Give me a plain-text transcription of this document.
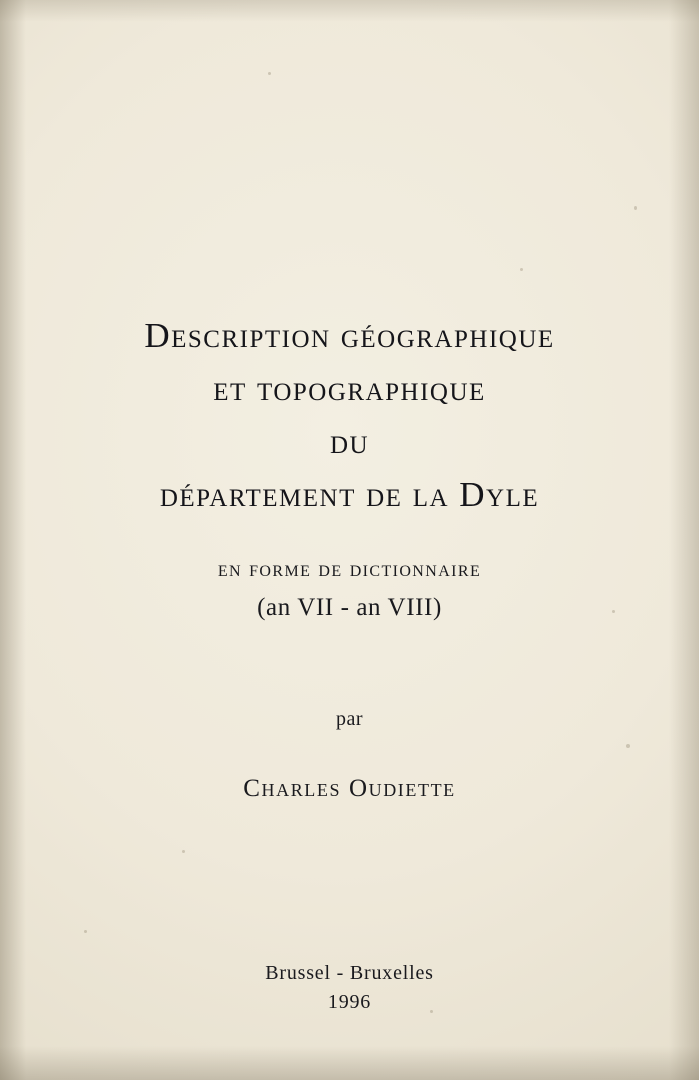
Description géographique
et topographique
du
département de la Dyle
en forme de dictionnaire
(an VII - an VIII)
par
Charles Oudiette
Brussel - Bruxelles
1996
